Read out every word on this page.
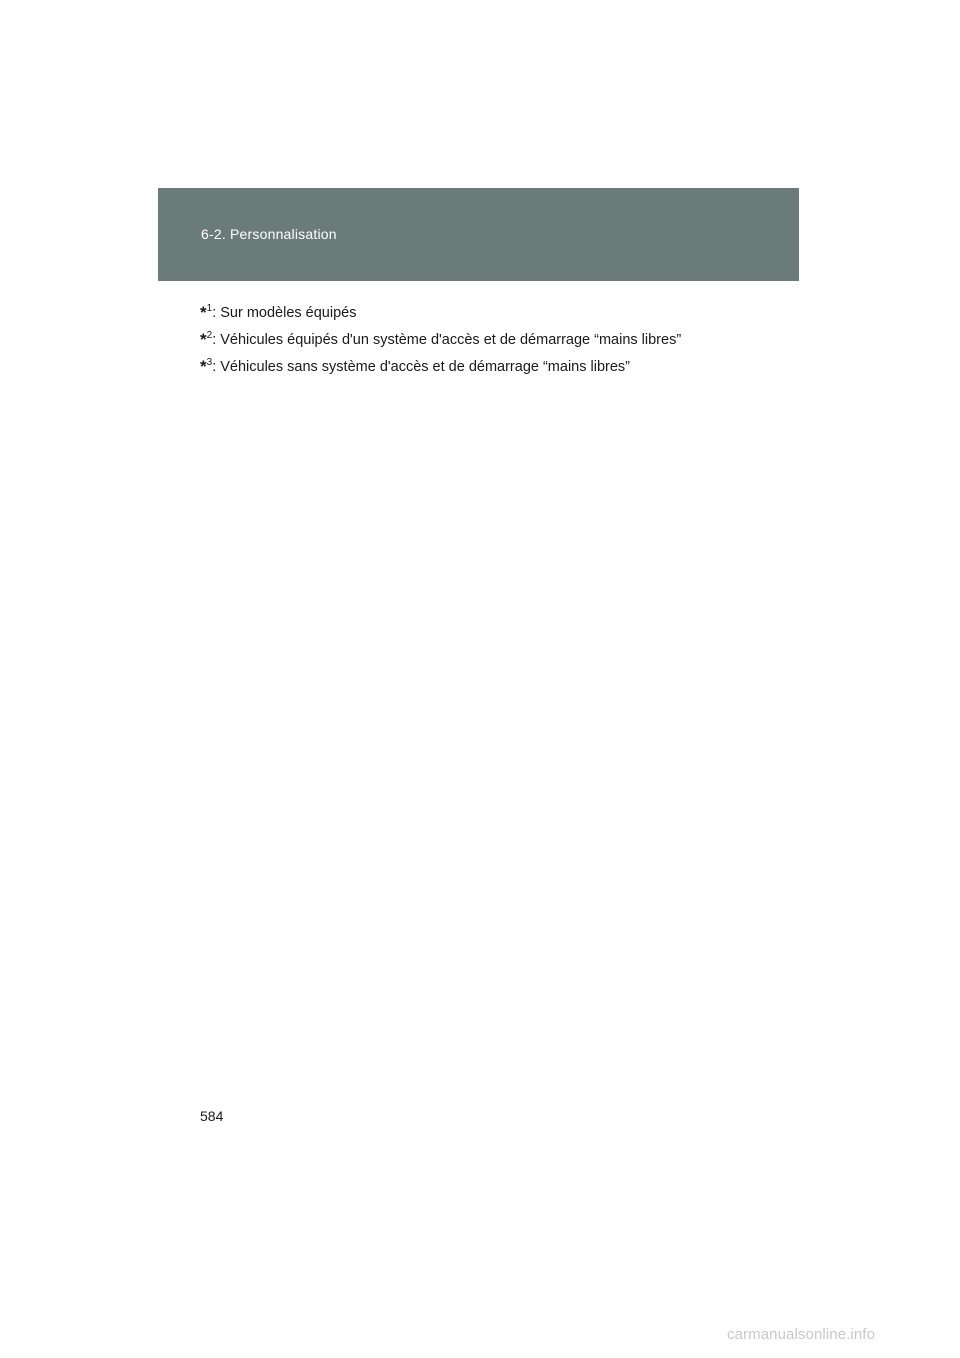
6-2. Personnalisation
*$^1$: Sur modèles équipés
*$^2$: Véhicules équipés d'un système d'accès et de démarrage “mains libres”
*$^3$: Véhicules sans système d'accès et de démarrage “mains libres”
584
carmanualsonline.info
